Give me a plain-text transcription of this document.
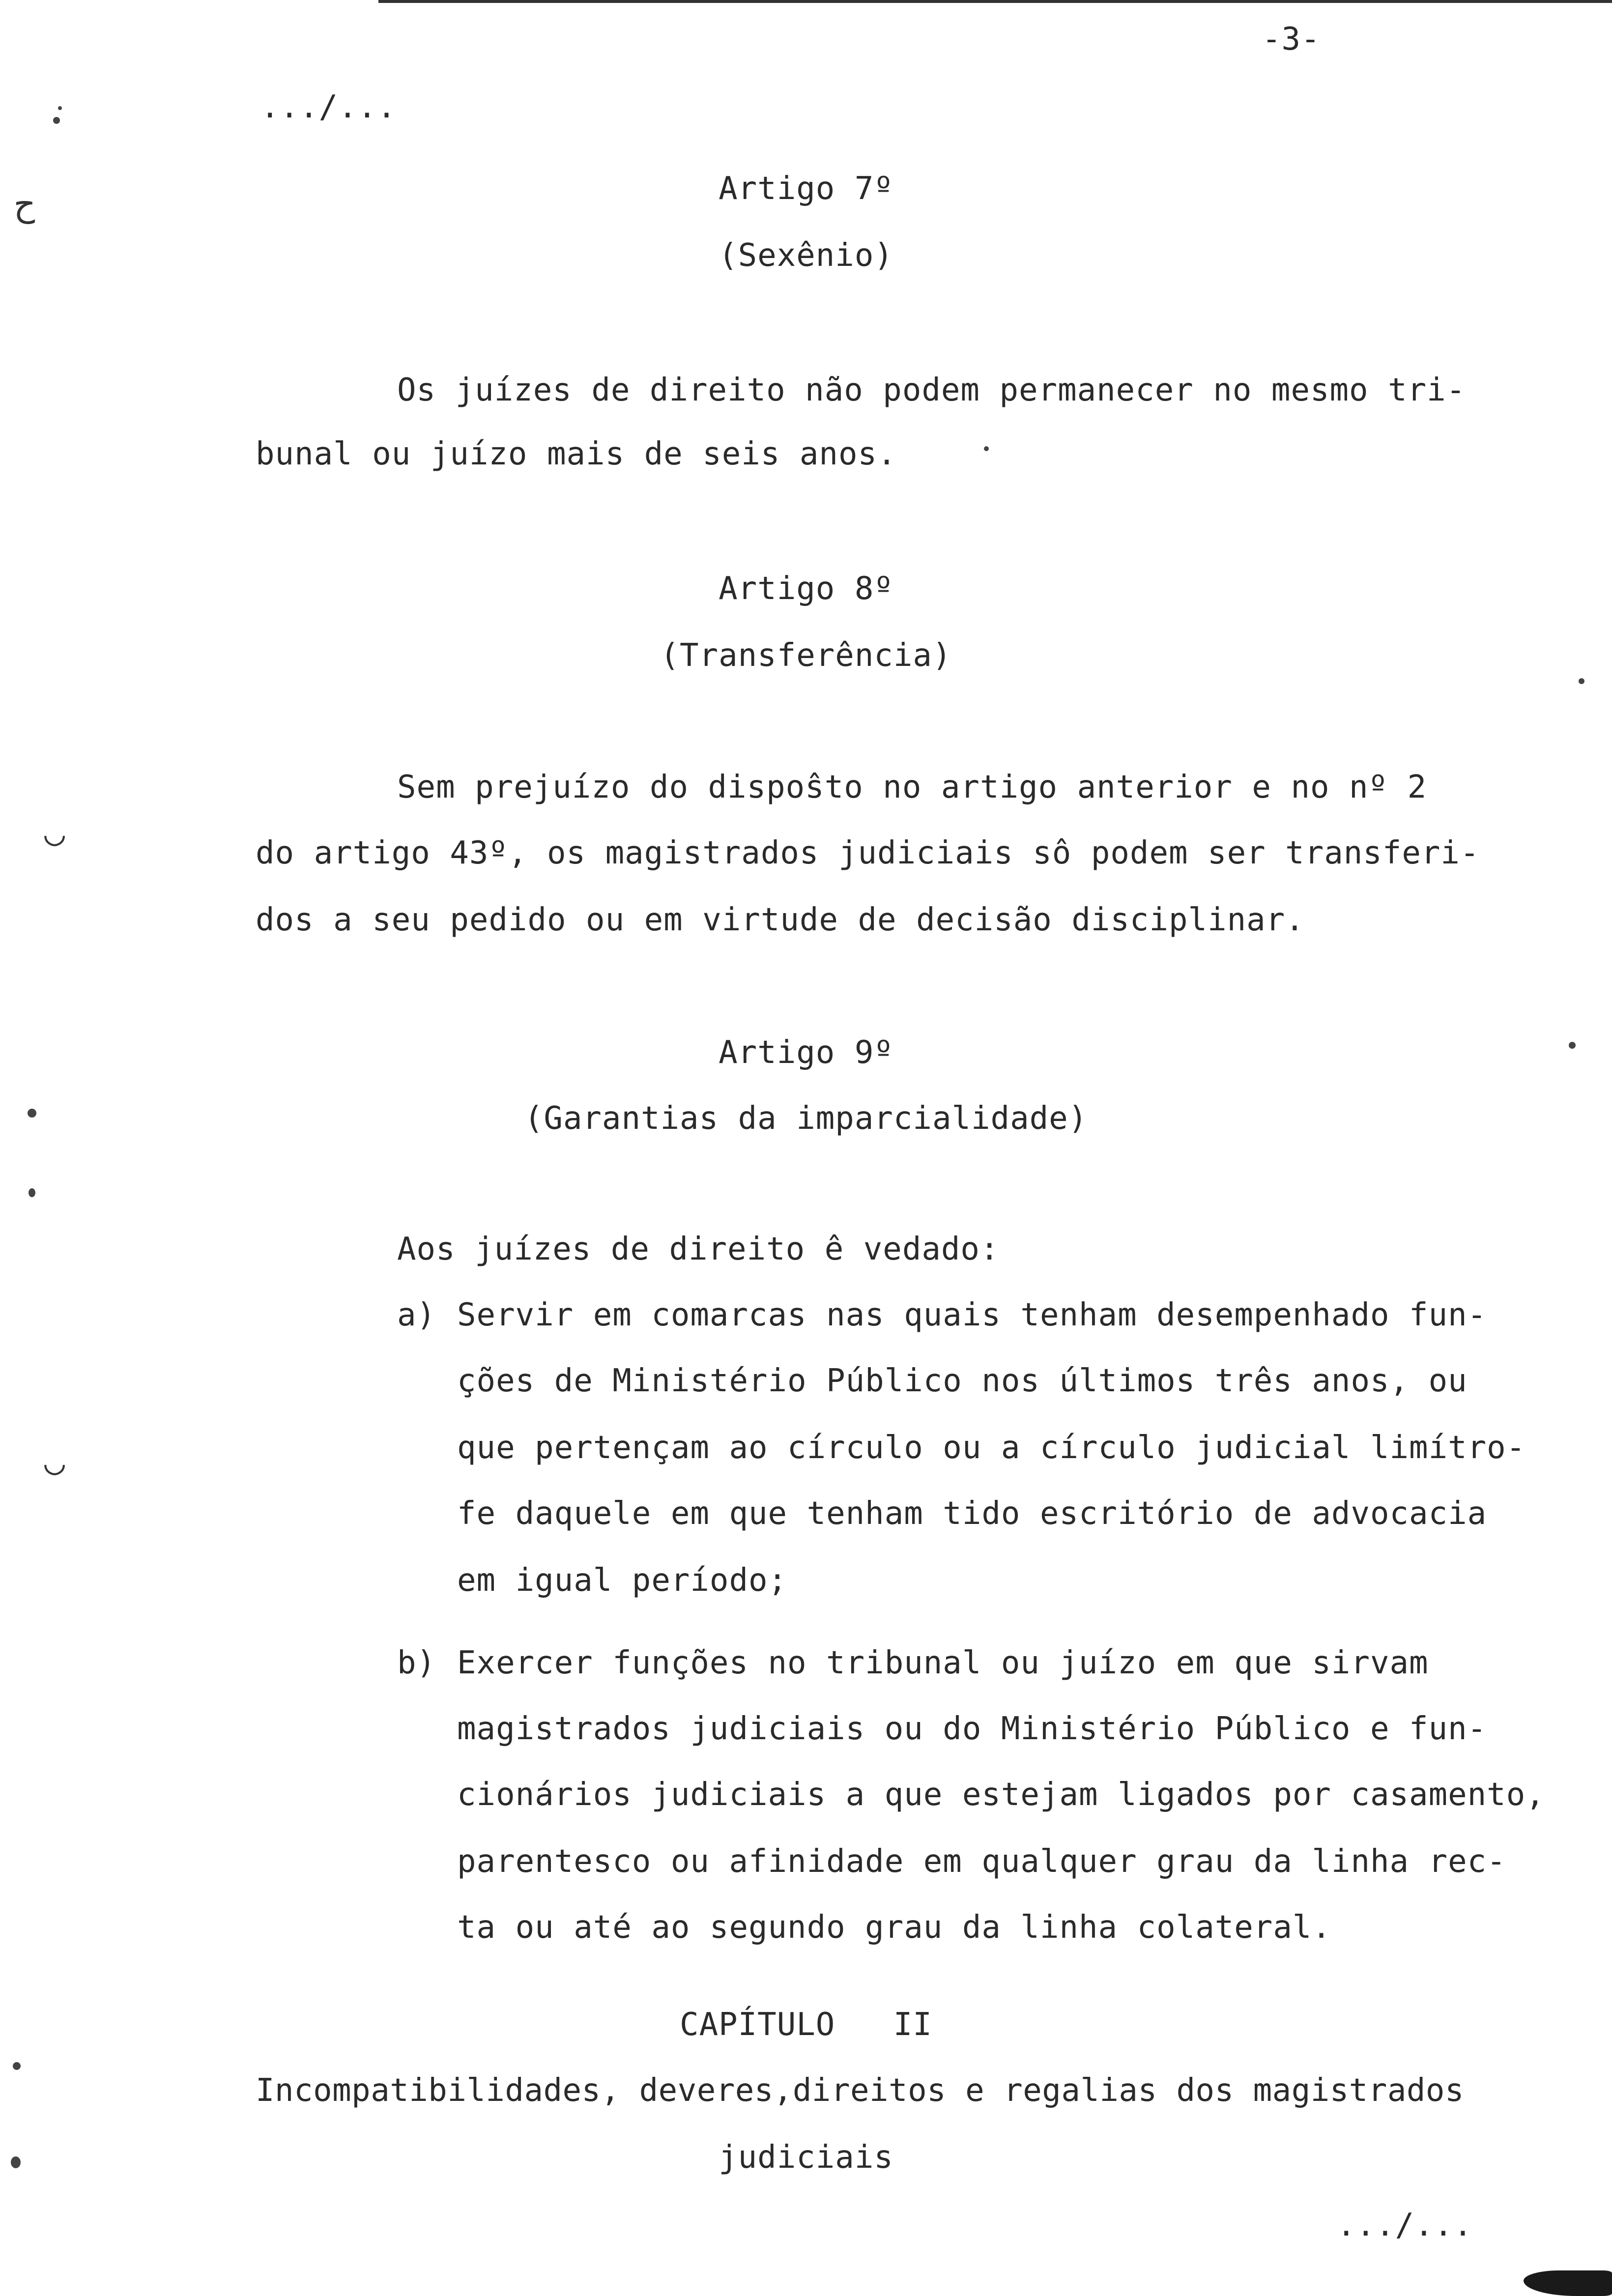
-3-
.../...
Artigo 7º
(Sexênio)
Os juízes de direito não podem permanecer no mesmo tri-
bunal ou juízo mais de seis anos.
Artigo 8º
(Transferência)
Sem prejuízo do dispoŝto no artigo anterior e no nº 2
do artigo 43º, os magistrados judiciais sô podem ser transferi-
dos a seu pedido ou em virtude de decisão disciplinar.
Artigo 9º
(Garantias da imparcialidade)
Aos juízes de direito ê vedado:
a) Servir em comarcas nas quais tenham desempenhado fun-
ções de Ministério Público nos últimos três anos, ou
que pertençam ao círculo ou a círculo judicial limítro-
fe daquele em que tenham tido escritório de advocacia
em igual período;
b) Exercer funções no tribunal ou juízo em que sirvam
magistrados judiciais ou do Ministério Público e fun-
cionários judiciais a que estejam ligados por casamento,
parentesco ou afinidade em qualquer grau da linha rec-
ta ou até ao segundo grau da linha colateral.
CAPÍTULO   II
Incompatibilidades, deveres,direitos e regalias dos magistrados
judiciais
.../...
ح
◡
◡
